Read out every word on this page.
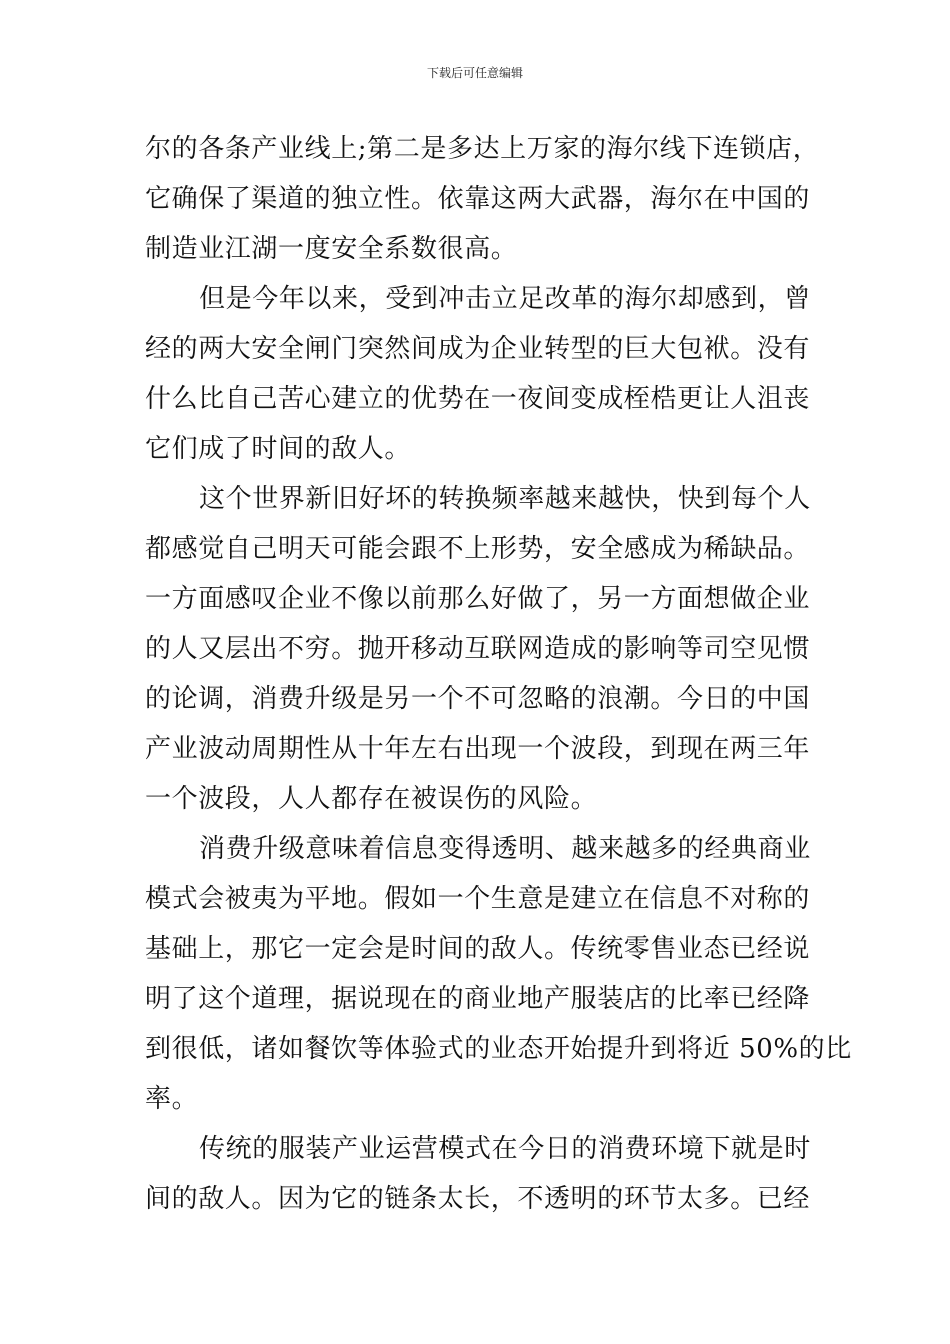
下载后可任意编辑
尔的各条产业线上;第二是多达上万家的海尔线下连锁店，
它确保了渠道的独立性。依靠这两大武器，海尔在中国的
制造业江湖一度安全系数很高。
但是今年以来，受到冲击立足改革的海尔却感到，曾
经的两大安全闸门突然间成为企业转型的巨大包袱。没有
什么比自己苦心建立的优势在一夜间变成桎梏更让人沮丧
它们成了时间的敌人。
这个世界新旧好坏的转换频率越来越快，快到每个人
都感觉自己明天可能会跟不上形势，安全感成为稀缺品。
一方面感叹企业不像以前那么好做了，另一方面想做企业
的人又层出不穷。抛开移动互联网造成的影响等司空见惯
的论调，消费升级是另一个不可忽略的浪潮。今日的中国
产业波动周期性从十年左右出现一个波段，到现在两三年
一个波段，人人都存在被误伤的风险。
消费升级意味着信息变得透明、越来越多的经典商业
模式会被夷为平地。假如一个生意是建立在信息不对称的
基础上，那它一定会是时间的敌人。传统零售业态已经说
明了这个道理，据说现在的商业地产服装店的比率已经降
到很低，诸如餐饮等体验式的业态开始提升到将近 50%的比
率。
传统的服装产业运营模式在今日的消费环境下就是时
间的敌人。因为它的链条太长，不透明的环节太多。已经
